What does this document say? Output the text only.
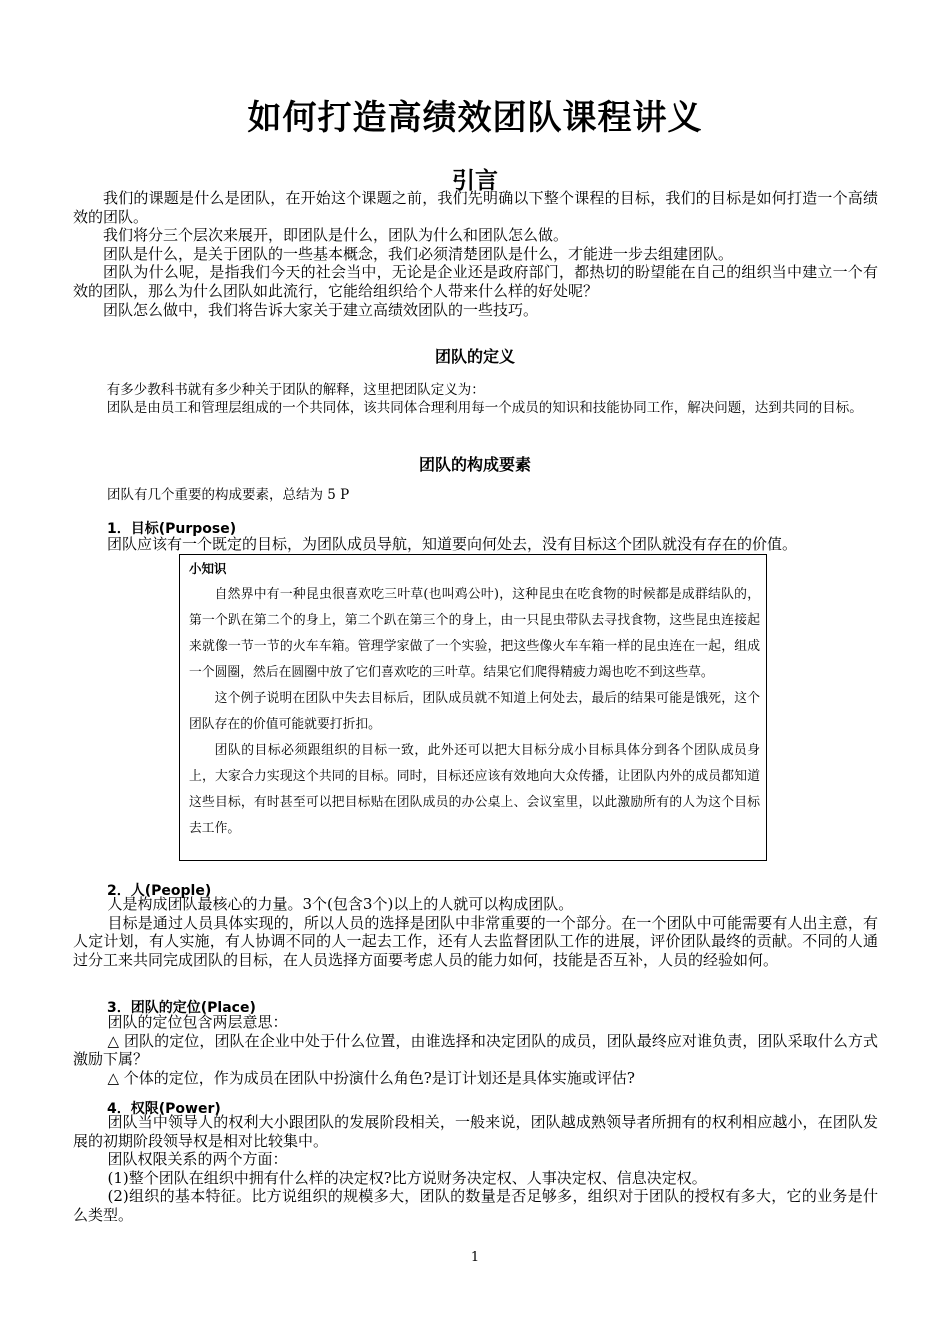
如何打造高绩效团队课程讲义
引言

我们的课题是什么是团队，在开始这个课题之前，我们先明确以下整个课程的目标，我们的目标是如何打造一个高绩效的团队。

我们将分三个层次来展开，即团队是什么，团队为什么和团队怎么做。

团队是什么，是关于团队的一些基本概念，我们必须清楚团队是什么，才能进一步去组建团队。

团队为什么呢，是指我们今天的社会当中，无论是企业还是政府部门，都热切的盼望能在自己的组织当中建立一个有效的团队，那么为什么团队如此流行，它能给组织给个人带来什么样的好处呢？

团队怎么做中，我们将告诉大家关于建立高绩效团队的一些技巧。

团队的定义

有多少教科书就有多少种关于团队的解释，这里把团队定义为：

团队是由员工和管理层组成的一个共同体，该共同体合理利用每一个成员的知识和技能协同工作，解决问题，达到共同的目标。

团队的构成要素
团队有几个重要的构成要素，总结为 5 P
1．目标(Purpose)

团队应该有一个既定的目标，为团队成员导航，知道要向何处去，没有目标这个团队就没有存在的价值。

小知识

自然界中有一种昆虫很喜欢吃三叶草(也叫鸡公叶)，这种昆虫在吃食物的时候都是成群结队的，第一个趴在第二个的身上，第二个趴在第三个的身上，由一只昆虫带队去寻找食物，这些昆虫连接起来就像一节一节的火车车箱。管理学家做了一个实验，把这些像火车车箱一样的昆虫连在一起，组成一个圆圈，然后在圆圈中放了它们喜欢吃的三叶草。结果它们爬得精疲力竭也吃不到这些草。

这个例子说明在团队中失去目标后，团队成员就不知道上何处去，最后的结果可能是饿死，这个团队存在的价值可能就要打折扣。

团队的目标必须跟组织的目标一致，此外还可以把大目标分成小目标具体分到各个团队成员身上，大家合力实现这个共同的目标。同时，目标还应该有效地向大众传播，让团队内外的成员都知道这些目标，有时甚至可以把目标贴在团队成员的办公桌上、会议室里，以此激励所有的人为这个目标去工作。

2．人(People)

人是构成团队最核心的力量。3个(包含3个)以上的人就可以构成团队。

目标是通过人员具体实现的，所以人员的选择是团队中非常重要的一个部分。在一个团队中可能需要有人出主意，有人定计划，有人实施，有人协调不同的人一起去工作，还有人去监督团队工作的进展，评价团队最终的贡献。不同的人通过分工来共同完成团队的目标，在人员选择方面要考虑人员的能力如何，技能是否互补，人员的经验如何。

3．团队的定位(Place)

团队的定位包含两层意思：

△ 团队的定位，团队在企业中处于什么位置，由谁选择和决定团队的成员，团队最终应对谁负责，团队采取什么方式激励下属？

△ 个体的定位，作为成员在团队中扮演什么角色?是订计划还是具体实施或评估?

4．权限(Power)

团队当中领导人的权利大小跟团队的发展阶段相关，一般来说，团队越成熟领导者所拥有的权利相应越小，在团队发展的初期阶段领导权是相对比较集中。

团队权限关系的两个方面：

(1)整个团队在组织中拥有什么样的决定权?比方说财务决定权、人事决定权、信息决定权。

(2)组织的基本特征。比方说组织的规模多大，团队的数量是否足够多，组织对于团队的授权有多大，它的业务是什么类型。

1
